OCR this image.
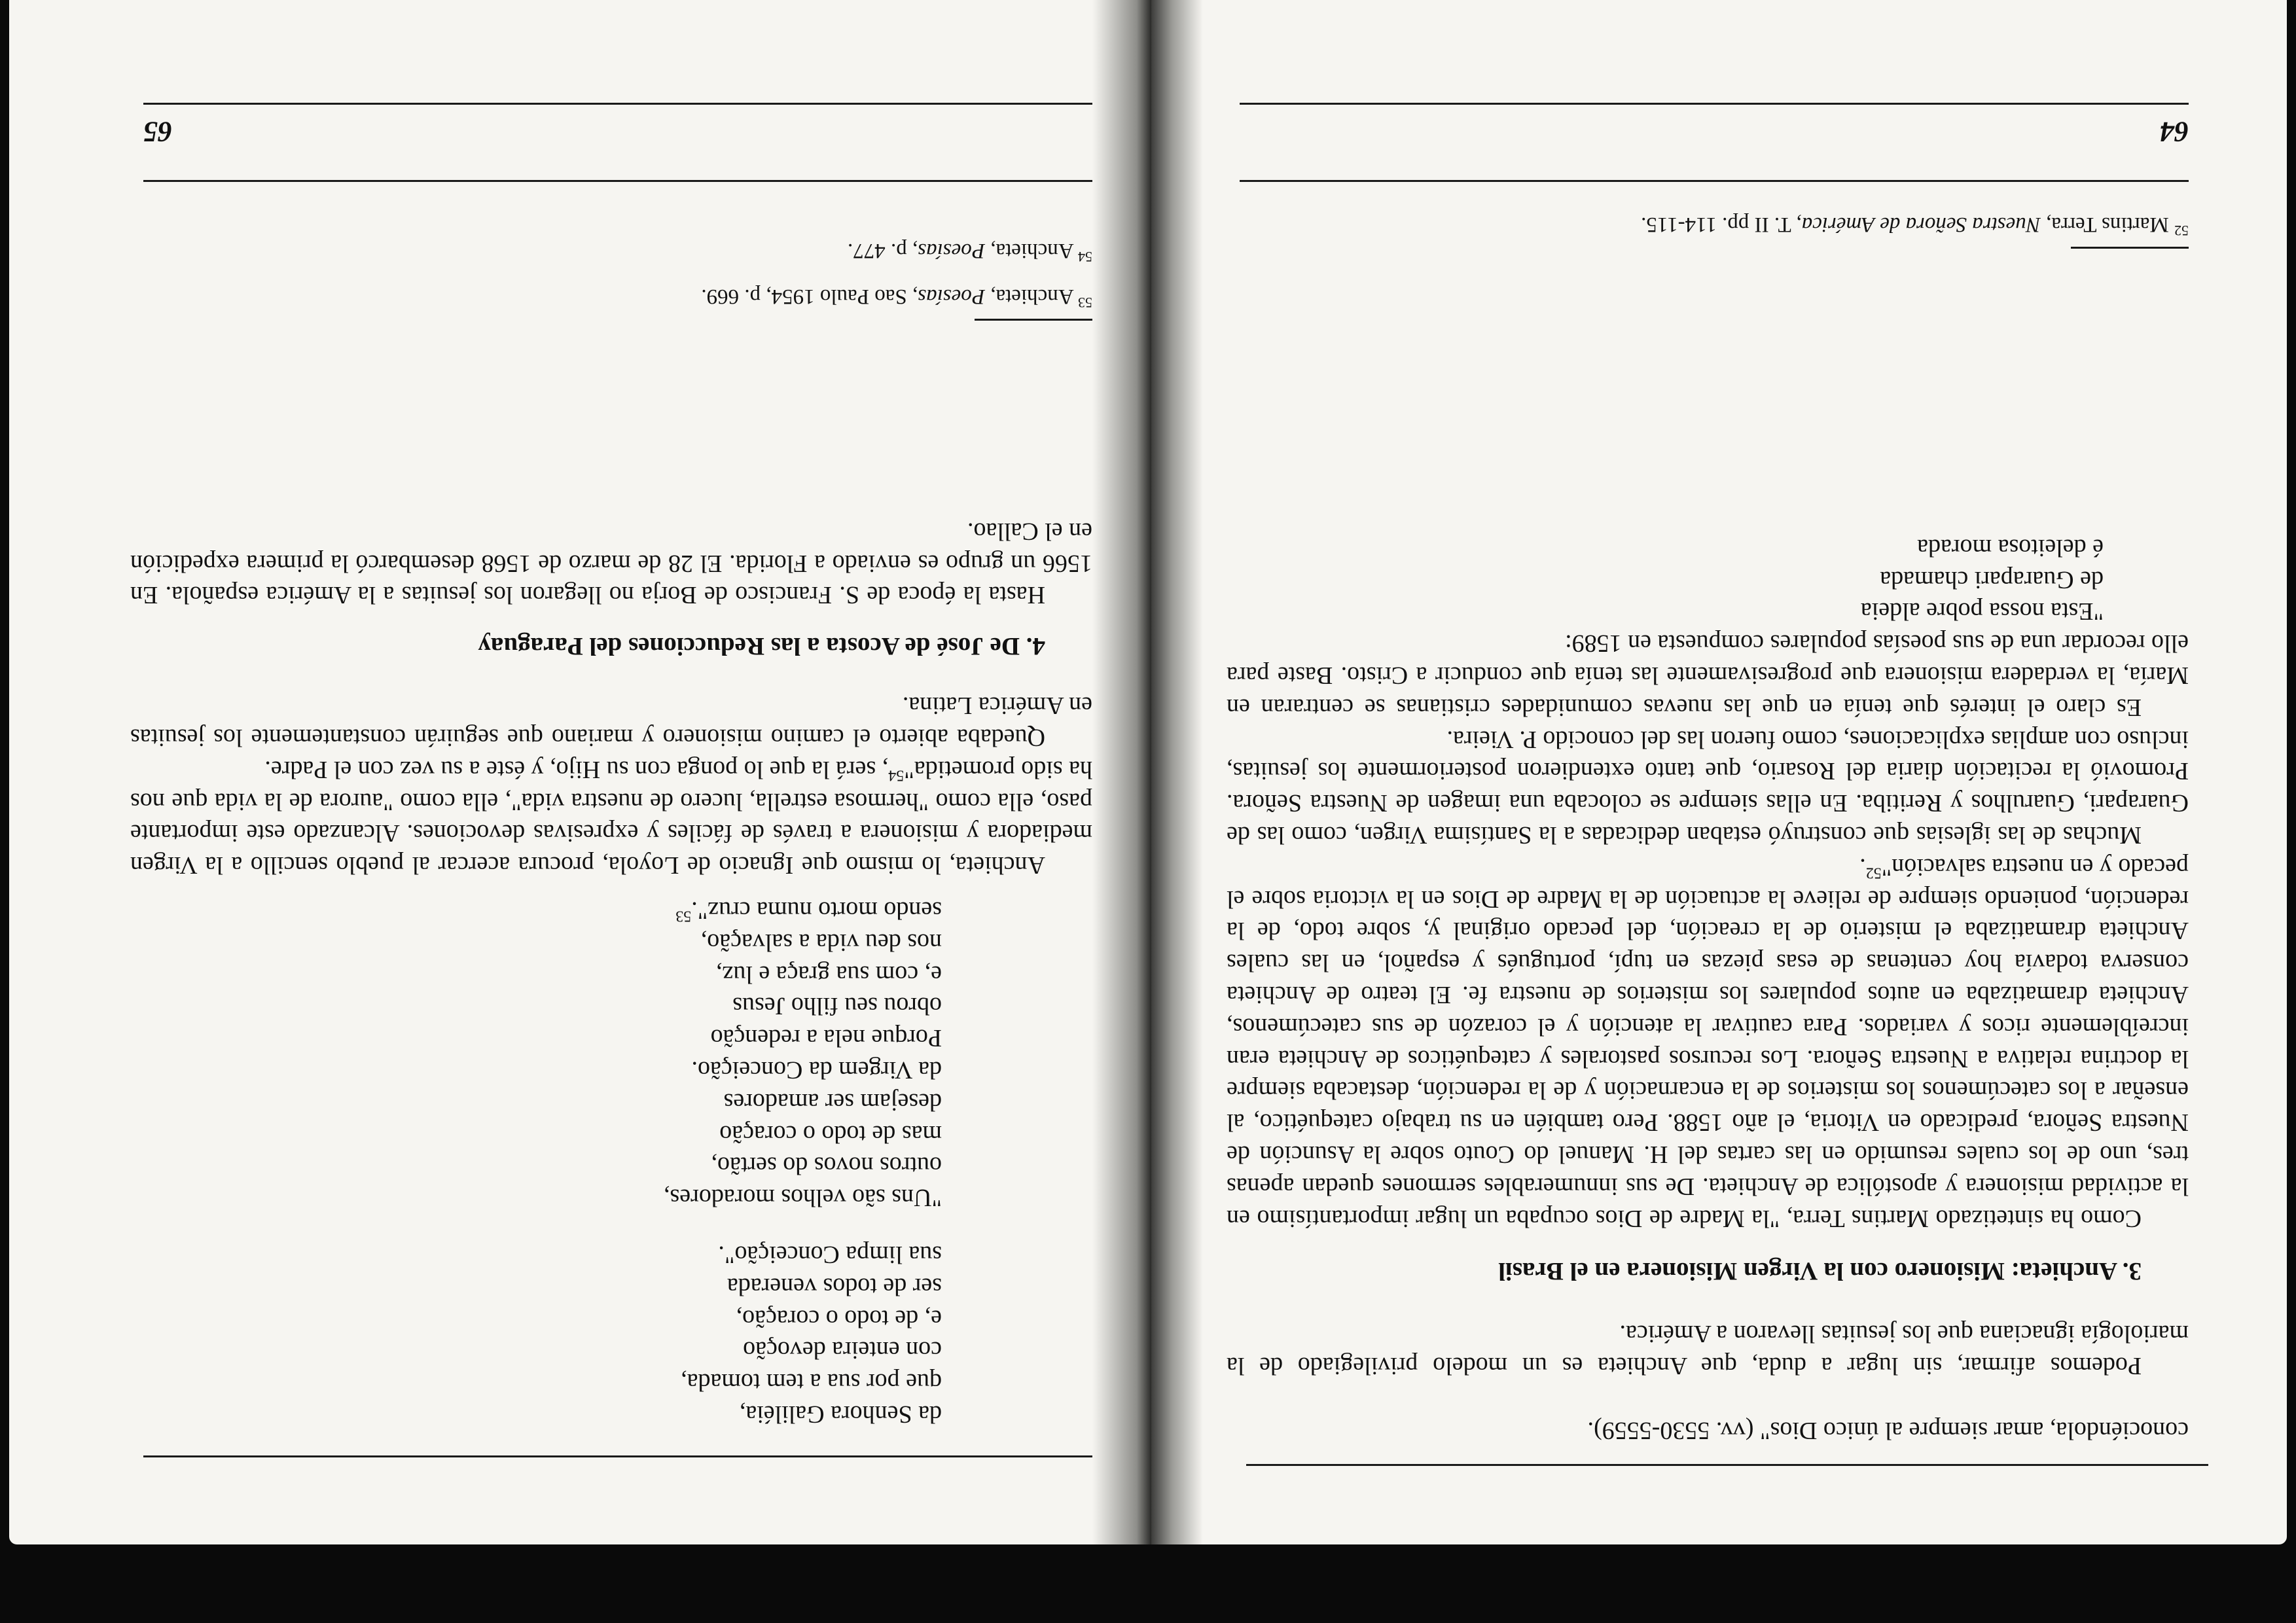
conociéndola, amar siempre al único Dios" (vv. 5530-5559).

Podemos afirmar, sin lugar a duda, que Anchieta es un modelo privilegiado de la mariología ignaciana que los jesuitas llevaron a América.

3. Anchieta: Misionero con la Virgen Misionera en el Brasil

Como ha sintetizado Martins Terra, "la Madre de Dios ocupaba un lugar importantísimo en la actividad misionera y apostólica de Anchieta. De sus innumerables sermones quedan apenas tres, uno de los cuales resumido en las cartas del H. Manuel do Couto sobre la Asunción de Nuestra Señora, predicado en Vitoria, el año 1588. Pero también en su trabajo catequético, al enseñar a los catecúmenos los misterios de la encarnación y de la redención, destacaba siempre la doctrina relativa a Nuestra Señora. Los recursos pastorales y catequéticos de Anchieta eran increíblemente ricos y variados. Para cautivar la atención y el corazón de sus catecúmenos, Anchieta dramatizaba en autos populares los misterios de nuestra fe. El teatro de Anchieta conserva todavía hoy centenas de esas piezas en tupí, portugués y español, en las cuales Anchieta dramatizaba el misterio de la creación, del pecado original y, sobre todo, de la redención, poniendo siempre de relieve la actuación de la Madre de Dios en la victoria sobre el pecado y en nuestra salvación"$^{52}$.

Muchas de las iglesias que construyó estaban dedicadas a la Santísima Virgen, como las de Guarapari, Guarulhos y Reritiba. En ellas siempre se colocaba una imagen de Nuestra Señora. Promovió la recitación diaria del Rosario, que tanto extendieron posteriormente los jesuitas, incluso con amplias explicaciones, como fueron las del conocido P. Vieira.

Es claro el interés que tenía en que las nuevas comunidades cristianas se centraran en María, la verdadera misionera que progresivamente las tenía que conducir a Cristo. Baste para ello recordar una de sus poesías populares compuesta en 1589:

"Esta nossa pobre aldeia
de Guarapari chamada
é deleitosa morada
$^{52}$ Martins Terra, Nuestra Señora de América, T. II pp. 114-115.
64
da Senhora Galiléia,
que por sua a tem tomada,
con enteira devoção
e, de todo o coração,
ser de todos venerada
sua limpa Conceição".
"Uns são velhos moradores,
outros novos do sertão,
mas de todo o coração
desejam ser amadores
da Virgem da Conceição.
Porque nela a redenção
obrou seu filho Jesus
e, com sua graça e luz,
nos deu vida a salvação,
sendo morto numa cruz".$^{53}$

Anchieta, lo mismo que Ignacio de Loyola, procura acercar al pueblo sencillo a la Virgen mediadora y misionera a través de fáciles y expresivas devociones. Alcanzado este importante paso, ella como "hermosa estrella, lucero de nuestra vida", ella como "aurora de la vida que nos ha sido prometida"$^{54}$, será la que lo ponga con su Hijo, y éste a su vez con el Padre.

Quedaba abierto el camino misionero y mariano que seguirán constantemente los jesuitas en América Latina.

4. De José de Acosta a las Reducciones del Paraguay

Hasta la época de S. Francisco de Borja no llegaron los jesuitas a la América española. En 1566 un grupo es enviado a Florida. El 28 de marzo de 1568 desembarcó la primera expedición en el Callao.

$^{53}$ Anchieta, Poesías, Sao Paulo 1954, p. 669.
$^{54}$ Anchieta, Poesías, p. 477.
65
